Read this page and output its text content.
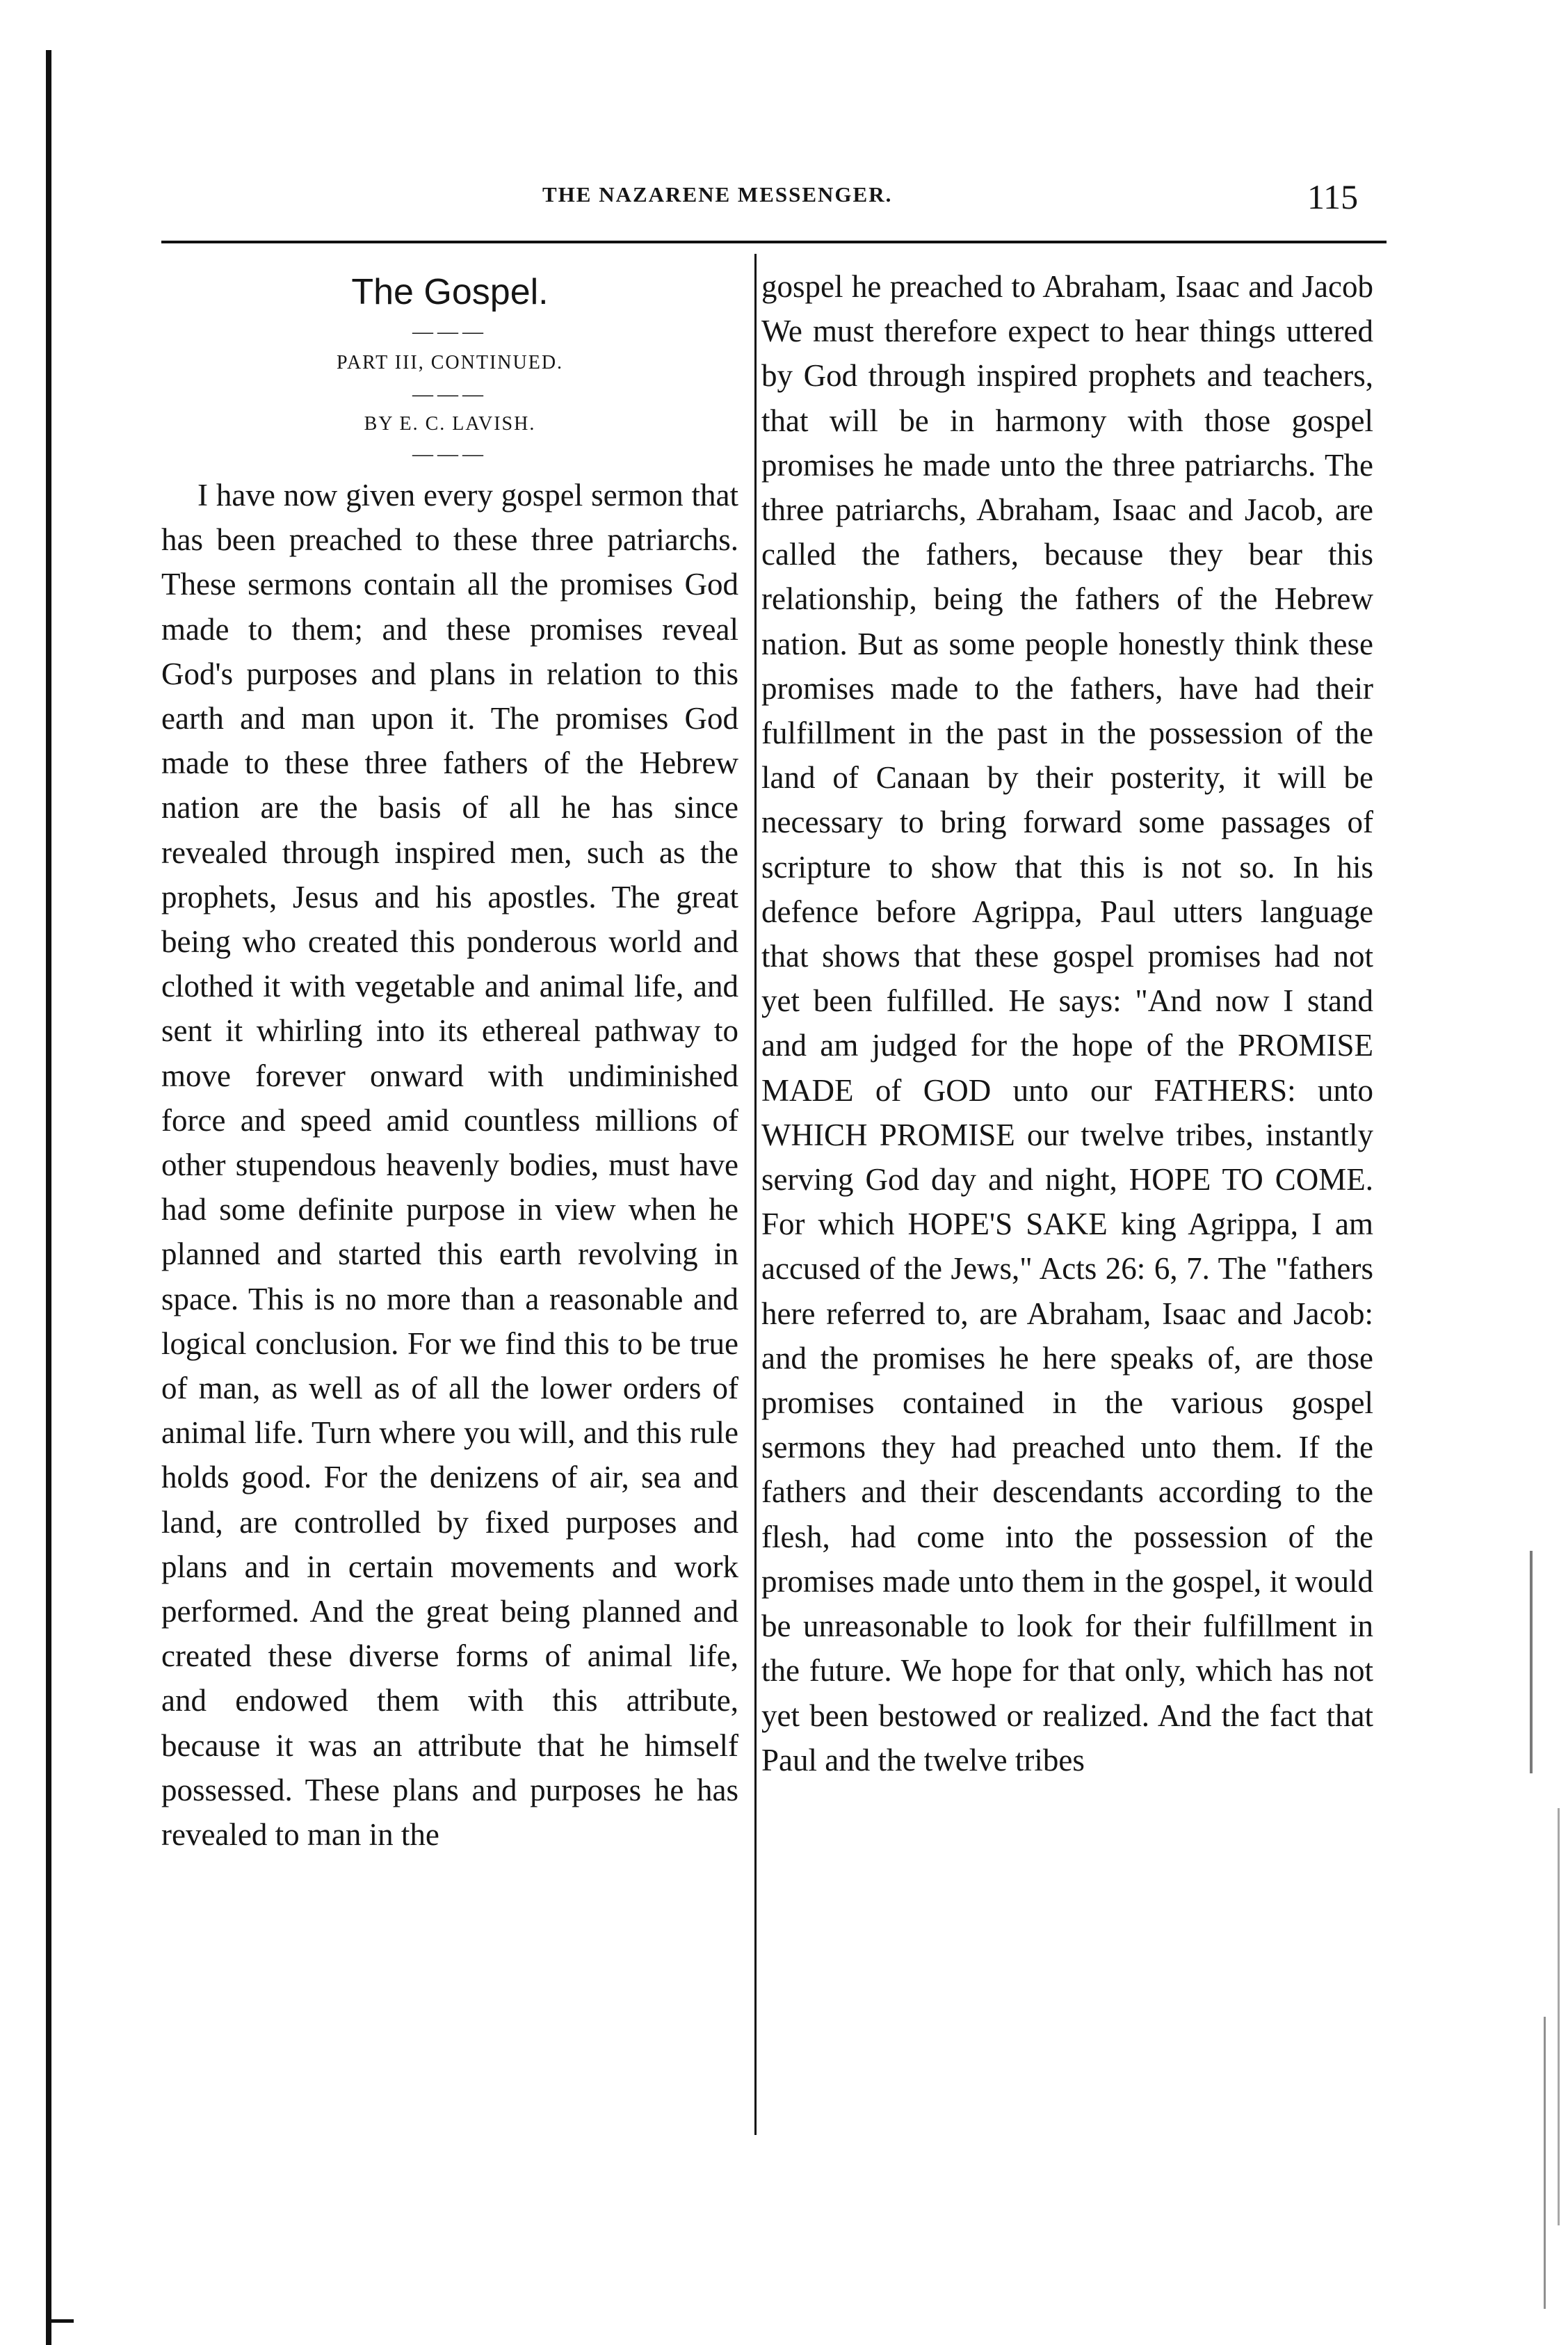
THE NAZARENE MESSENGER.	115
The Gospel.
———
PART III, CONTINUED.
———
BY E. C. LAVISH.
———

I have now given every gospel sermon that has been preached to these three patriarchs. These sermons contain all the promises God made to them; and these promises reveal God's purposes and plans in relation to this earth and man upon it. The promises God made to these three fathers of the Hebrew nation are the basis of all he has since revealed through inspired men, such as the prophets, Jesus and his apostles. The great being who created this ponderous world and clothed it with vegetable and animal life, and sent it whirling into its ethereal pathway to move forever onward with undiminished force and speed amid countless millions of other stupendous heavenly bodies, must have had some definite purpose in view when he planned and started this earth revolving in space. This is no more than a reasonable and logical conclusion. For we find this to be true of man, as well as of all the lower orders of animal life. Turn where you will, and this rule holds good. For the denizens of air, sea and land, are controlled by fixed purposes and plans and in certain movements and work performed. And the great being planned and created these diverse forms of animal life, and endowed them with this attribute, because it was an attribute that he himself possessed. These plans and purposes he has revealed to man in the

gospel he preached to Abraham, Isaac and Jacob We must therefore expect to hear things uttered by God through inspired prophets and teachers, that will be in harmony with those gospel promises he made unto the three patriarchs. The three patriarchs, Abraham, Isaac and Jacob, are called the fathers, because they bear this relationship, being the fathers of the Hebrew nation. But as some people honestly think these promises made to the fathers, have had their fulfillment in the past in the possession of the land of Canaan by their posterity, it will be necessary to bring forward some passages of scripture to show that this is not so. In his defence before Agrippa, Paul utters language that shows that these gospel promises had not yet been fulfilled. He says: "And now I stand and am judged for the hope of the PROMISE MADE of GOD unto our FATHERS: unto WHICH PROMISE our twelve tribes, instantly serving God day and night, HOPE TO COME. For which HOPE'S SAKE king Agrippa, I am accused of the Jews," Acts 26: 6, 7. The "fathers here referred to, are Abraham, Isaac and Jacob: and the promises he here speaks of, are those promises contained in the various gospel sermons they had preached unto them. If the fathers and their descendants according to the flesh, had come into the possession of the promises made unto them in the gospel, it would be unreasonable to look for their fulfillment in the future. We hope for that only, which has not yet been bestowed or realized. And the fact that Paul and the twelve tribes
